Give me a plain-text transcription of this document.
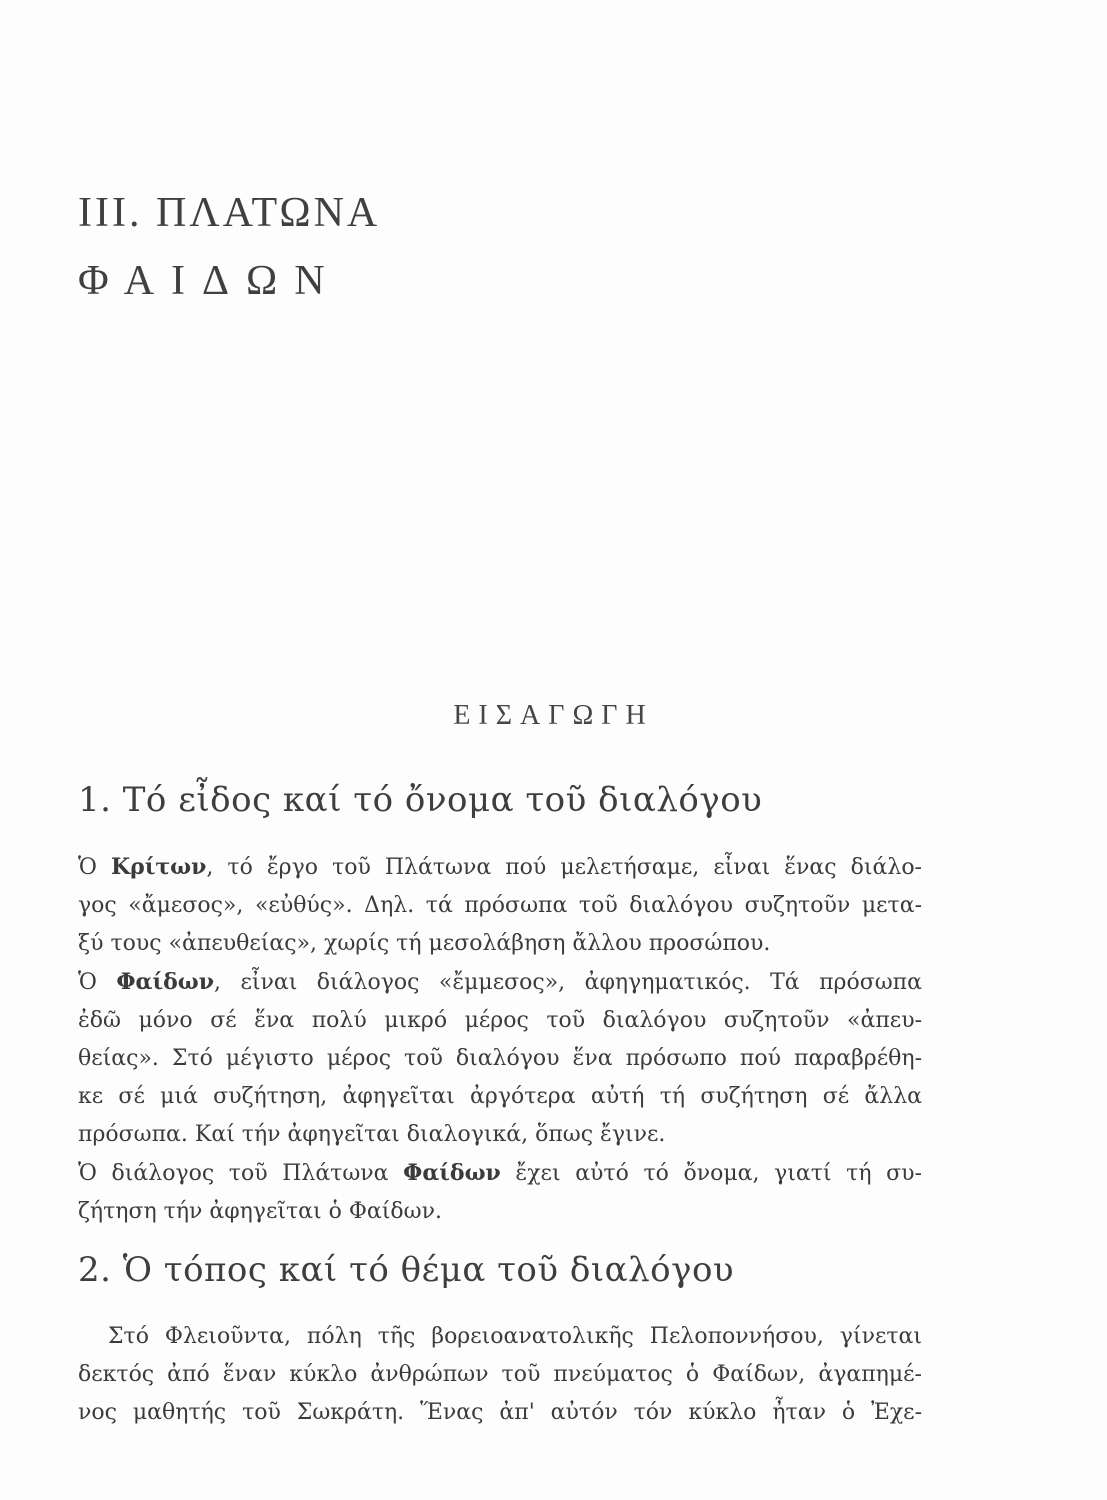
III. ΠΛΑΤΩΝΑ
ΦΑΙΔΩΝ
ΕΙΣΑΓΩΓΗ
1. Τό εἶδος καί τό ὄνομα τοῦ διαλόγου
Ὁ Κρίτων, τό ἔργο τοῦ Πλάτωνα πού μελετήσαμε, εἶναι ἕνας διάλο-
γος «ἄμεσος», «εὐθύς». Δηλ. τά πρόσωπα τοῦ διαλόγου συζητοῦν μετα-
ξύ τους «ἀπευθείας», χωρίς τή μεσολάβηση ἄλλου προσώπου.
Ὁ Φαίδων, εἶναι διάλογος «ἔμμεσος», ἀφηγηματικός. Τά πρόσωπα
ἐδῶ μόνο σέ ἕνα πολύ μικρό μέρος τοῦ διαλόγου συζητοῦν «ἀπευ-
θείας». Στό μέγιστο μέρος τοῦ διαλόγου ἕνα πρόσωπο πού παραβρέθη-
κε σέ μιά συζήτηση, ἀφηγεῖται ἀργότερα αὐτή τή συζήτηση σέ ἄλλα
πρόσωπα. Καί τήν ἀφηγεῖται διαλογικά, ὅπως ἔγινε.
Ὁ διάλογος τοῦ Πλάτωνα Φαίδων ἔχει αὐτό τό ὄνομα, γιατί τή συ-
ζήτηση τήν ἀφηγεῖται ὁ Φαίδων.
2. Ὁ τόπος καί τό θέμα τοῦ διαλόγου
Στό Φλειοῦντα, πόλη τῆς βορειοανατολικῆς Πελοποννήσου, γίνεται
δεκτός ἀπό ἕναν κύκλο ἀνθρώπων τοῦ πνεύματος ὁ Φαίδων, ἀγαπημέ-
νος μαθητής τοῦ Σωκράτη. Ἕνας ἀπ' αὐτόν τόν κύκλο ἦταν ὁ Ἐχε-
